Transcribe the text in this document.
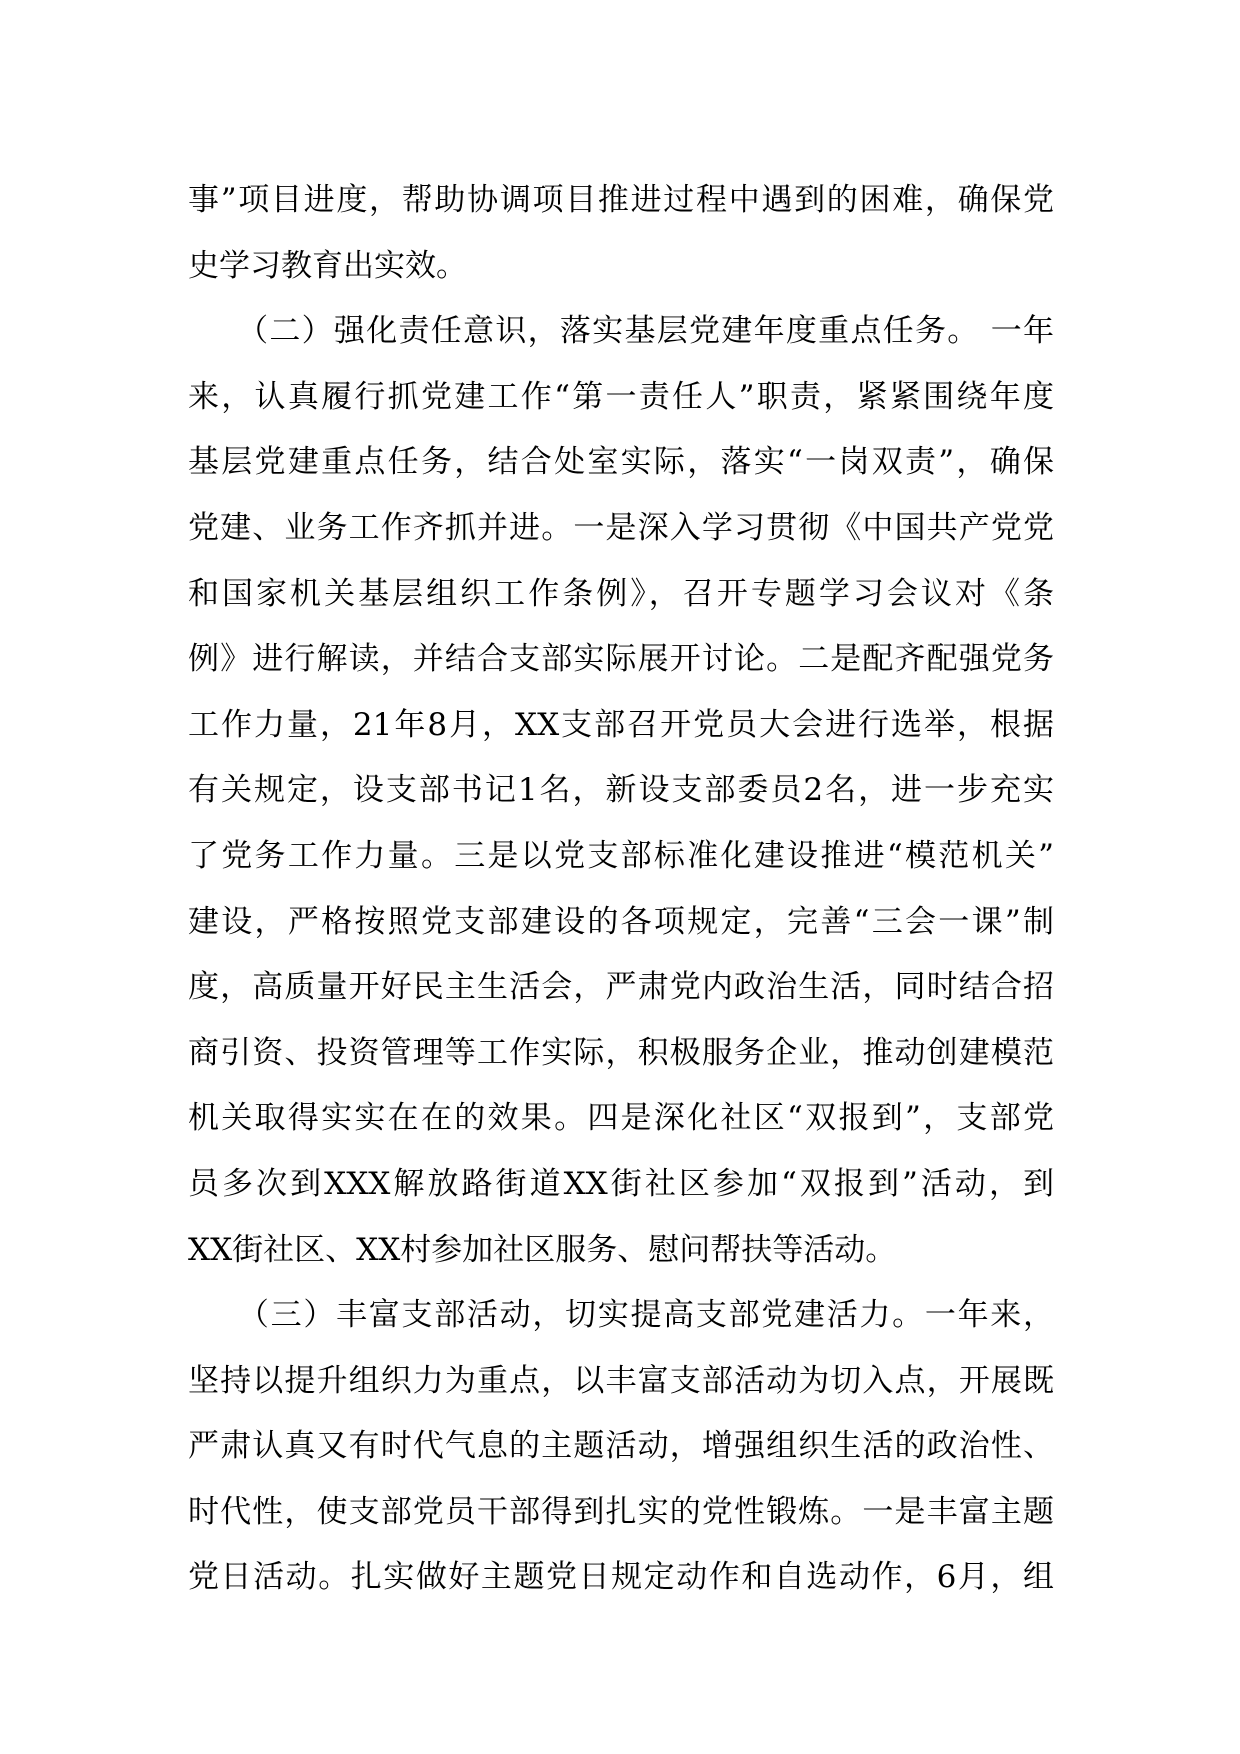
事”项目进度，帮助协调项目推进过程中遇到的困难，确保党
史学习教育出实效。
　　（二）强化责任意识，落实基层党建年度重点任务。 一年
来，认真履行抓党建工作“第一责任人”职责，紧紧围绕年度
基层党建重点任务，结合处室实际，落实“一岗双责”，确保
党建、业务工作齐抓并进。一是深入学习贯彻《中国共产党党
和国家机关基层组织工作条例》，召开专题学习会议对《条
例》进行解读，并结合支部实际展开讨论。二是配齐配强党务
工作力量，21年8月，XX支部召开党员大会进行选举，根据
有关规定，设支部书记1名，新设支部委员2名，进一步充实
了党务工作力量。三是以党支部标准化建设推进“模范机关”
建设，严格按照党支部建设的各项规定，完善“三会一课”制
度，高质量开好民主生活会，严肃党内政治生活，同时结合招
商引资、投资管理等工作实际，积极服务企业，推动创建模范
机关取得实实在在的效果。四是深化社区“双报到”，支部党
员多次到XXX解放路街道XX街社区参加“双报到”活动，到
XX街社区、XX村参加社区服务、慰问帮扶等活动。
　　（三）丰富支部活动，切实提高支部党建活力。一年来，
坚持以提升组织力为重点，以丰富支部活动为切入点，开展既
严肃认真又有时代气息的主题活动，增强组织生活的政治性、
时代性，使支部党员干部得到扎实的党性锻炼。一是丰富主题
党日活动。扎实做好主题党日规定动作和自选动作，6月，组
